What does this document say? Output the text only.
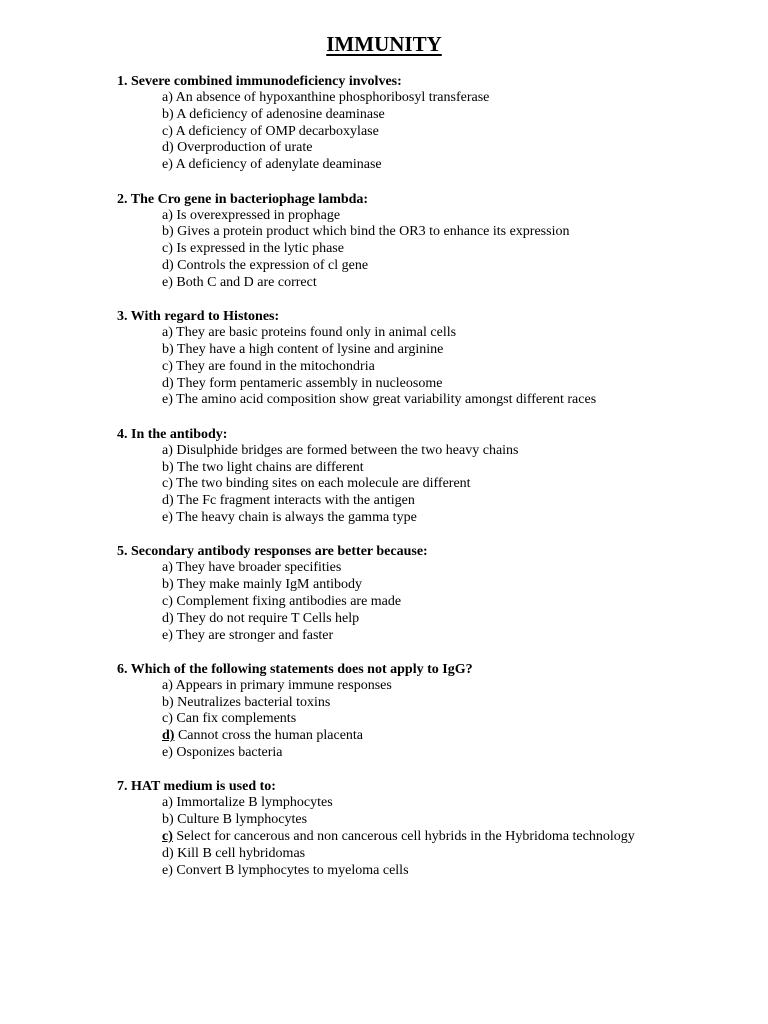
IMMUNITY
1. Severe combined immunodeficiency involves:
a) An absence of hypoxanthine phosphoribosyl transferase
b) A deficiency of adenosine deaminase
c) A deficiency of OMP decarboxylase
d) Overproduction of urate
e) A deficiency of adenylate deaminase
2. The Cro gene in bacteriophage lambda:
a) Is overexpressed in prophage
b) Gives a protein product which bind the OR3 to enhance its expression
c) Is expressed in the lytic phase
d) Controls the expression of cl gene
e) Both C and D are correct
3. With regard to Histones:
a) They are basic proteins found only in animal cells
b) They have a high content of lysine and arginine
c) They are found in the mitochondria
d) They form pentameric assembly in nucleosome
e) The amino acid composition show great variability amongst different races
4. In the antibody:
a) Disulphide bridges are formed between the two heavy chains
b) The two light chains are different
c) The two binding sites on each molecule are different
d) The Fc fragment interacts with the antigen
e) The heavy chain is always the gamma type
5. Secondary antibody responses are better because:
a) They have broader specifities
b) They make mainly IgM antibody
c) Complement fixing antibodies are made
d) They do not require T Cells help
e) They are stronger and faster
6. Which of the following statements does not apply to IgG?
a) Appears in primary immune responses
b) Neutralizes bacterial toxins
c) Can fix complements
d) Cannot cross the human placenta
e) Osponizes bacteria
7. HAT medium is used to:
a) Immortalize B lymphocytes
b) Culture B lymphocytes
c) Select for cancerous and non cancerous cell hybrids in the Hybridoma technology
d) Kill B cell hybridomas
e) Convert B lymphocytes to myeloma cells
